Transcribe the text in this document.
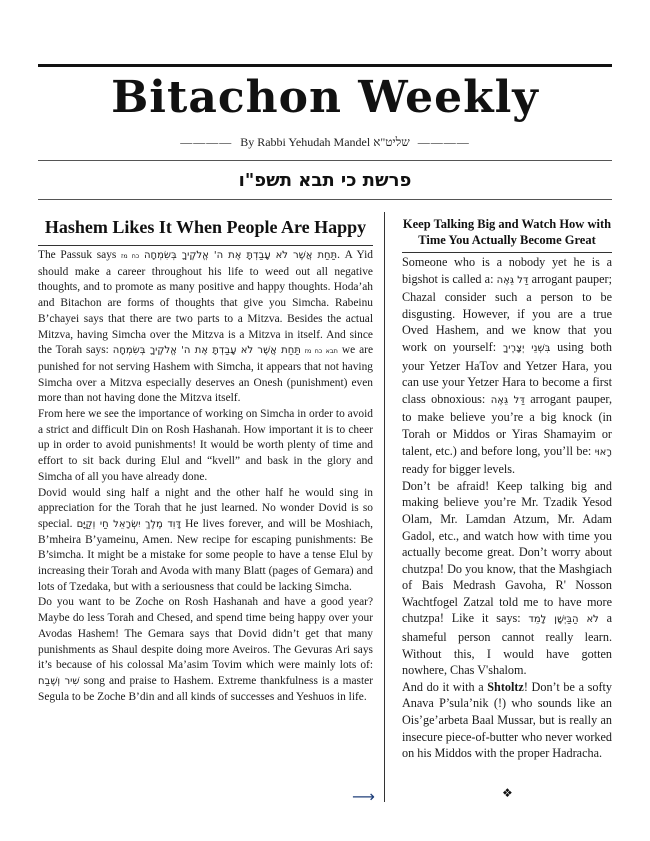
Bitachon Weekly
———— By Rabbi Yehudah Mandel שליט"א ————
פרשת כי תבא תשפ"ו
Hashem Likes It When People Are Happy

The Passuk says כח מז תַּחַת אֲשֶׁר לֹא עָבַדְתָּ אֶת ה' אֱלֹקֶיךָ בְּשִׂמְחָה. A Yid should make a career throughout his life to weed out all negative thoughts, and to promote as many positive and happy thoughts. Hoda’ah and Bitachon are forms of thoughts that give you Simcha. Rabeinu B’chayei says that there are two parts to a Mitzva. Besides the actual Mitzva, having Simcha over the Mitzva is a Mitzva in itself. And since the Torah says: תַּחַת אֲשֶׁר לֹא עָבַדְתָּ אֶת ה' אֱלֹקֶיךָ בְּשִׂמְחָה תבא כח מז we are punished for not serving Hashem with Simcha, it appears that not having Simcha over a Mitzva especially deserves an Onesh (punishment) even more than not having done the Mitzva itself.

From here we see the importance of working on Simcha in order to avoid a strict and difficult Din on Rosh Hashanah. How important it is to cheer up in order to avoid punishments! It would be worth plenty of time and effort to sit back during Elul and “kvell” and bask in the glory and Simcha of all you have already done.

Dovid would sing half a night and the other half he would sing in appreciation for the Torah that he just learned. No wonder Dovid is so special. דָּוִד מֶלֶךְ יִשְׂרָאֵל חַי וְקַיָּם He lives forever, and will be Moshiach, B’mheira B’yameinu, Amen. New recipe for escaping punishments: Be B’simcha. It might be a mistake for some people to have a tense Elul by increasing their Torah and Avoda with many Blatt (pages of Gemara) and lots of Tzedaka, but with a seriousness that could be lacking Simcha.

Do you want to be Zoche on Rosh Hashanah and have a good year? Maybe do less Torah and Chesed, and spend time being happy over your Avodas Hashem! The Gemara says that Dovid didn’t get that many punishments as Shaul despite doing more Aveiros. The Gevuras Ari says it’s because of his colossal Ma’asim Tovim which were mainly lots of: שִׁיר וְשֶׁבַח song and praise to Hashem. Extreme thankfulness is a master Segula to be Zoche B’din and all kinds of successes and Yeshuos in life.

Keep Talking Big and Watch How with Time You Actually Become Great

Someone who is a nobody yet he is a bigshot is called a: דַּל גֵּאֶה arrogant pauper; Chazal consider such a person to be disgusting. However, if you are a true Oved Hashem, and we know that you work on yourself: בִּשְׁנֵי יְצָרֶיךָ using both your Yetzer HaTov and Yetzer Hara, you can use your Yetzer Hara to become a first class obnoxious: דַּל גֵּאֶה arrogant pauper, to make believe you’re a big knock (in Torah or Middos or Yiras Shamayim or talent, etc.) and before long, you’ll be: רָאוּי ready for bigger levels.

Don’t be afraid! Keep talking big and making believe you’re Mr. Tzadik Yesod Olam, Mr. Lamdan Atzum, Mr. Adam Gadol, etc., and watch how with time you actually become great. Don’t worry about chutzpa! Do you know, that the Mashgiach of Bais Medrash Gavoha, R' Nosson Wachtfogel Zatzal told me to have more chutzpa! Like it says: לֹא הַבַּיְשָׁן לָמֵד a shameful person cannot really learn. Without this, I would have gotten nowhere, Chas V'shalom.

And do it with a Shtoltz! Don’t be a softy Anava P’sula’nik (!) who sounds like an Ois’ge’arbeta Baal Mussar, but is really an insecure piece-of-butter who never worked on his Middos with the proper Hadracha.

⟶	❖
